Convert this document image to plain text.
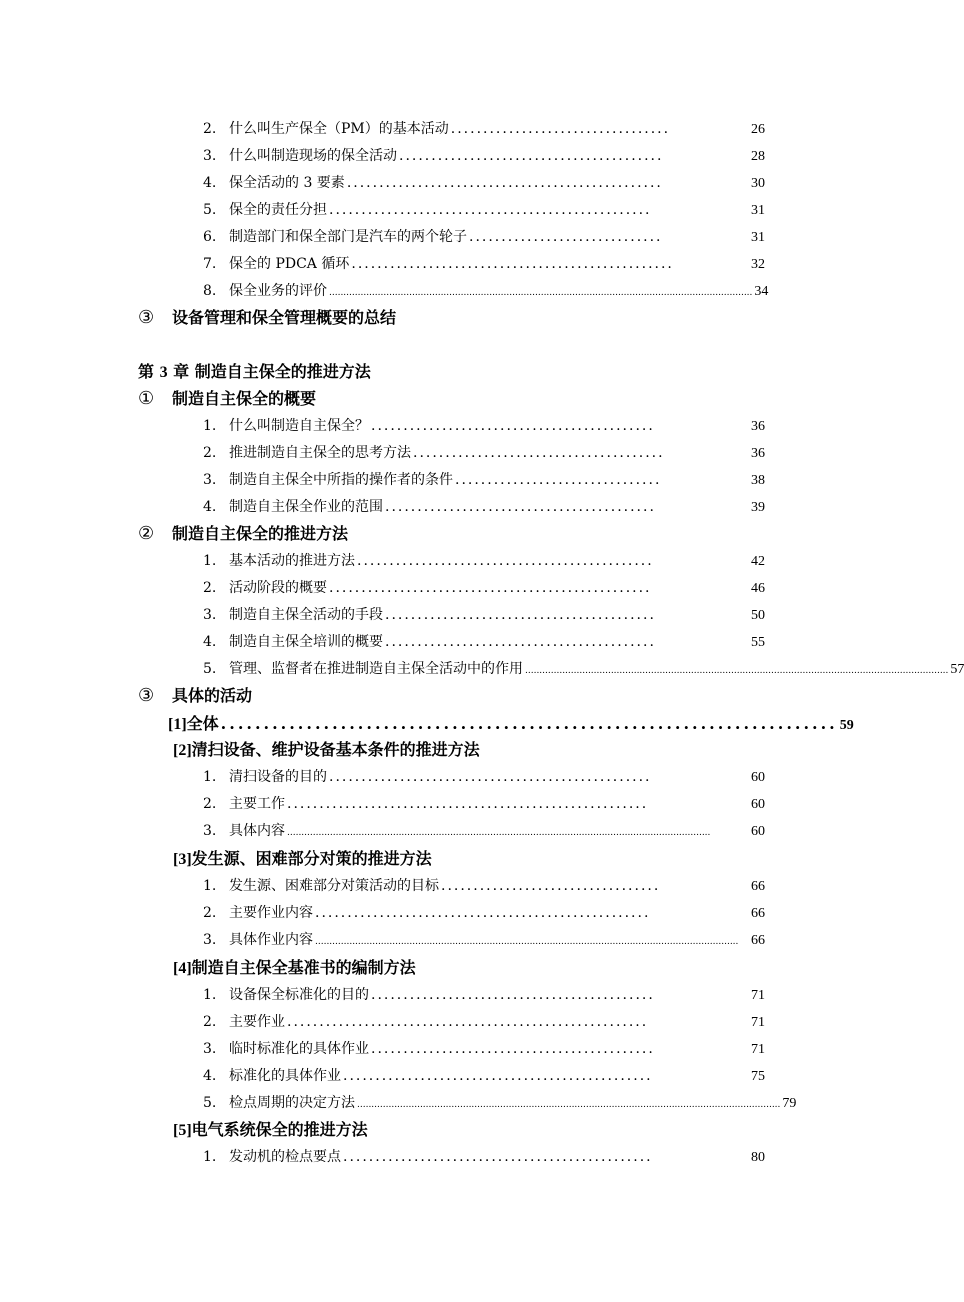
2. 什么叫生产保全（PM）的基本活动 ..................................	26
3. 什么叫制造现场的保全活动 .........................................	28
4. 保全活动的 3 要素 .................................................	30
5. 保全的责任分担 ..................................................	31
6. 制造部门和保全部门是汽车的两个轮子 ..............................	31
7. 保全的 PDCA 循环 ..................................................	32
8. 保全业务的评价 .................................................................................................................................................... 34
③	设备管理和保全管理概要的总结
第 3 章 制造自主保全的推进方法
①	制造自主保全的概要
1. 什么叫制造自主保全？ ............................................	36
2. 推进制造自主保全的思考方法 .......................................	36
3. 制造自主保全中所指的操作者的条件 ................................	38
4. 制造自主保全作业的范围 ..........................................	39
②	制造自主保全的推进方法
1. 基本活动的推进方法 ..............................................	42
2. 活动阶段的概要 ..................................................	46
3. 制造自主保全活动的手段 ..........................................	50
4. 制造自主保全培训的概要 ..........................................	55
5. 管理、监督者在推进制造自主保全活动中的作用 .................................................................................................................................................... 57
③	具体的活动
[1]全体 ........................................................................ 59
[2]清扫设备、维护设备基本条件的推进方法
1. 清扫设备的目的 ..................................................	60
2. 主要工作 ........................................................	60
3. 具体内容 ....................................................................................................................................................	60
[3]发生源、困难部分对策的推进方法
1. 发生源、困难部分对策活动的目标 ..................................	66
2. 主要作业内容 ....................................................	66
3. 具体作业内容 .................................................................................................................................................... 66
[4]制造自主保全基准书的编制方法
1. 设备保全标准化的目的 ............................................	71
2. 主要作业 ........................................................	71
3. 临时标准化的具体作业 ............................................	71
4. 标准化的具体作业 ................................................	75
5. 检点周期的决定方法 .................................................................................................................................................... 79
[5]电气系统保全的推进方法
1. 发动机的检点要点 ................................................	80
